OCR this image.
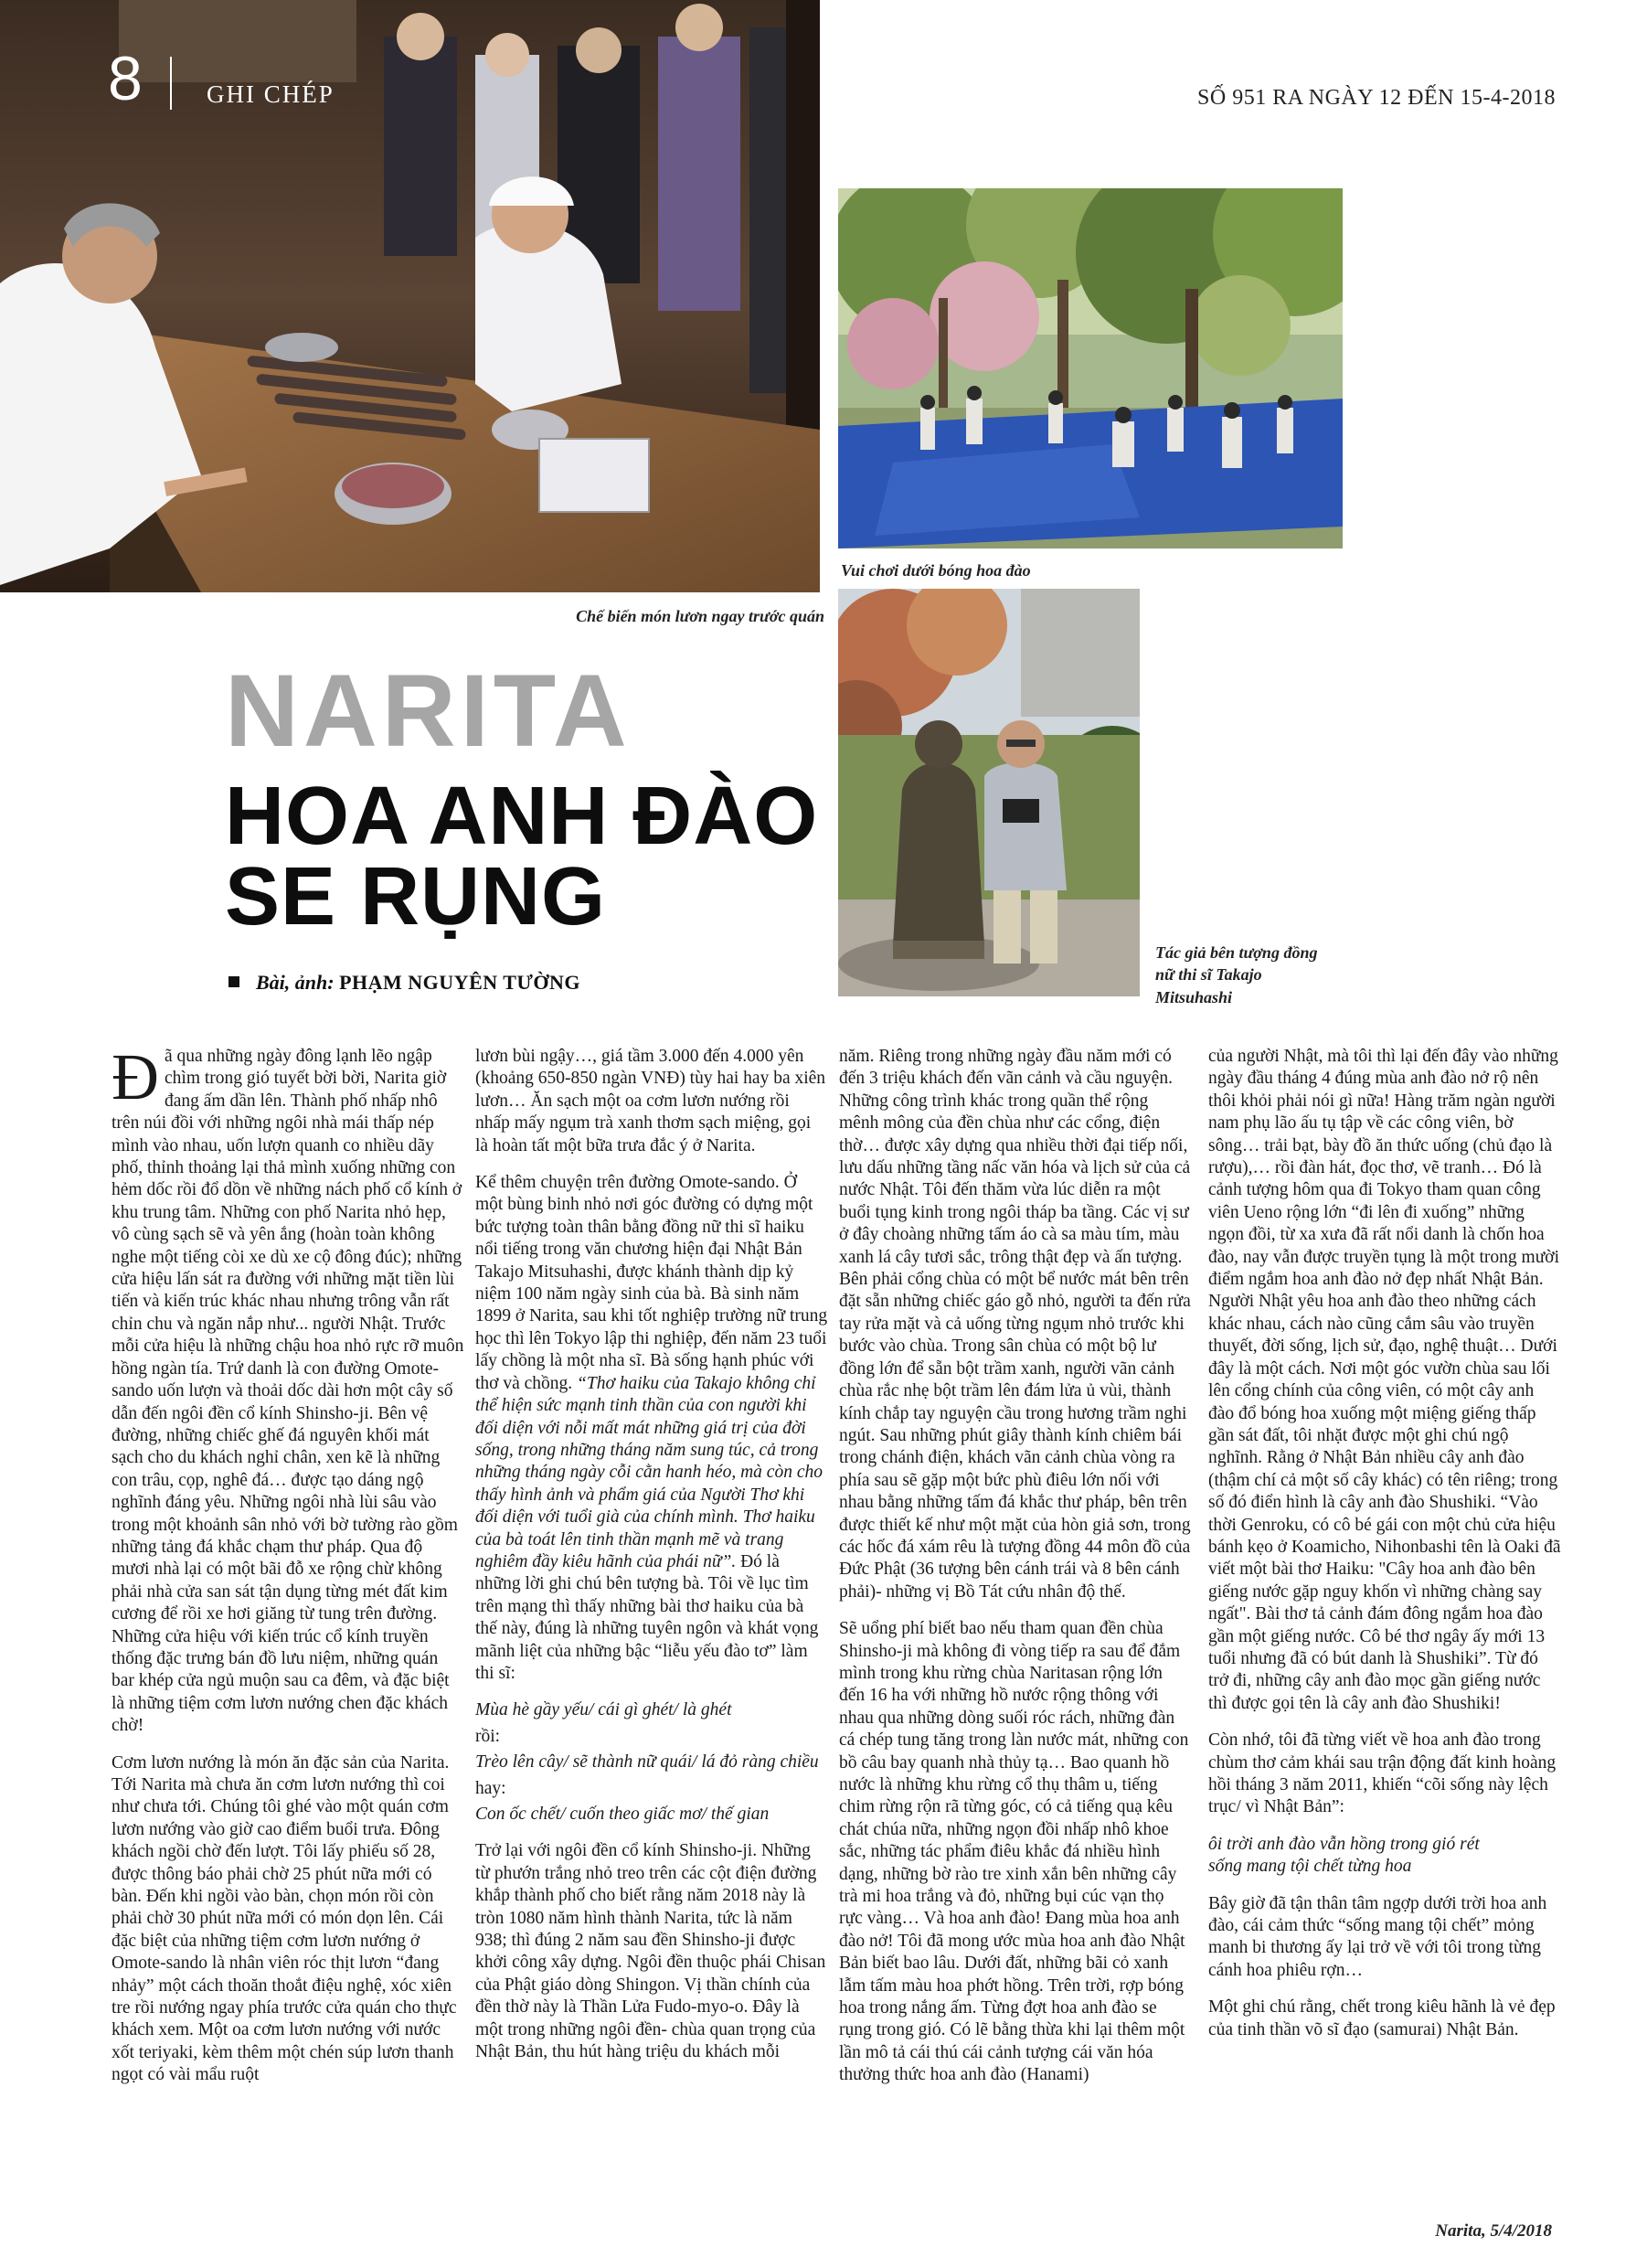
8	GHI CHÉP	SỐ 951 RA NGÀY 12 ĐẾN 15-4-2018
Chế biến món lươn ngay trước quán
Vui chơi dưới bóng hoa đào
Tác giả bên tượng đồng nữ thi sĩ Takajo Mitsuhashi
NARITA
HOA ANH ĐÀO
SE RỤNG
Bài, ảnh: PHẠM NGUYÊN TƯỜNG

Đã qua những ngày đông lạnh lẽo ngập chìm trong gió tuyết bời bời, Narita giờ đang ấm dần lên. Thành phố nhấp nhô trên núi đồi với những ngôi nhà mái thấp nép mình vào nhau, uốn lượn quanh co nhiều dãy phố, thỉnh thoảng lại thả mình xuống những con hẻm dốc rồi đổ dồn về những nách phố cổ kính ở khu trung tâm. Những con phố Narita nhỏ hẹp, vô cùng sạch sẽ và yên ắng (hoàn toàn không nghe một tiếng còi xe dù xe cộ đông đúc); những cửa hiệu lấn sát ra đường với những mặt tiền lùi tiến và kiến trúc khác nhau nhưng trông vẫn rất chỉn chu và ngăn nắp như... người Nhật. Trước mỗi cửa hiệu là những chậu hoa nhỏ rực rỡ muôn hồng ngàn tía. Trứ danh là con đường Omote-sando uốn lượn và thoải dốc dài hơn một cây số dẫn đến ngôi đền cổ kính Shinsho-ji. Bên vệ đường, những chiếc ghế đá nguyên khối mát sạch cho du khách nghỉ chân, xen kẽ là những con trâu, cọp, nghê đá… được tạo dáng ngộ nghĩnh đáng yêu. Những ngôi nhà lùi sâu vào trong một khoảnh sân nhỏ với bờ tường rào gồm những tảng đá khắc chạm thư pháp. Qua độ mươi nhà lại có một bãi đỗ xe rộng chừ không phải nhà cửa san sát tận dụng từng mét đất kim cương để rồi xe hơi giăng từ tung trên đường. Những cửa hiệu với kiến trúc cổ kính truyền thống đặc trưng bán đồ lưu niệm, những quán bar khép cửa ngủ muộn sau ca đêm, và đặc biệt là những tiệm cơm lươn nướng chen đặc khách chờ!

Cơm lươn nướng là món ăn đặc sản của Narita. Tới Narita mà chưa ăn cơm lươn nướng thì coi như chưa tới. Chúng tôi ghé vào một quán cơm lươn nướng vào giờ cao điểm buổi trưa. Đông khách ngồi chờ đến lượt. Tôi lấy phiếu số 28, được thông báo phải chờ 25 phút nữa mới có bàn. Đến khi ngồi vào bàn, chọn món rồi còn phải chờ 30 phút nữa mới có món dọn lên. Cái đặc biệt của những tiệm cơm lươn nướng ở Omote-sando là nhân viên róc thịt lươn “đang nhảy” một cách thoăn thoắt điệu nghệ, xóc xiên tre rồi nướng ngay phía trước cửa quán cho thực khách xem. Một oa cơm lươn nướng với nước xốt teriyaki, kèm thêm một chén súp lươn thanh ngọt có vài mẩu ruột

lươn bùi ngậy…, giá tầm 3.000 đến 4.000 yên (khoảng 650-850 ngàn VNĐ) tùy hai hay ba xiên lươn… Ăn sạch một oa cơm lươn nướng rồi nhấp mấy ngụm trà xanh thơm sạch miệng, gọi là hoàn tất một bữa trưa đắc ý ở Narita.

Kể thêm chuyện trên đường Omote-sando. Ở một bùng binh nhỏ nơi góc đường có dựng một bức tượng toàn thân bằng đồng nữ thi sĩ haiku nổi tiếng trong văn chương hiện đại Nhật Bản Takajo Mitsuhashi, được khánh thành dịp kỷ niệm 100 năm ngày sinh của bà. Bà sinh năm 1899 ở Narita, sau khi tốt nghiệp trường nữ trung học thì lên Tokyo lập thi nghiệp, đến năm 23 tuổi lấy chồng là một nha sĩ. Bà sống hạnh phúc với thơ và chồng. “Thơ haiku của Takajo không chỉ thể hiện sức mạnh tinh thần của con người khi đối diện với nỗi mất mát những giá trị của đời sống, trong những tháng năm sung túc, cả trong những tháng ngày cỗi cằn hanh héo, mà còn cho thấy hình ảnh và phẩm giá của Người Thơ khi đối diện với tuổi già của chính mình. Thơ haiku của bà toát lên tinh thần mạnh mẽ và trang nghiêm đầy kiêu hãnh của phái nữ”. Đó là những lời ghi chú bên tượng bà. Tôi về lục tìm trên mạng thì thấy những bài thơ haiku của bà thế này, đúng là những tuyên ngôn và khát vọng mãnh liệt của những bậc “liễu yếu đào tơ” làm thi sĩ:

Mùa hè gầy yếu/ cái gì ghét/ là ghét

rồi:

Trèo lên cây/ sẽ thành nữ quái/ lá đỏ ràng chiều

hay:

Con ốc chết/ cuốn theo giấc mơ/ thế gian

Trở lại với ngôi đền cổ kính Shinsho-ji. Những từ phướn trắng nhỏ treo trên các cột điện đường khắp thành phố cho biết rằng năm 2018 này là tròn 1080 năm hình thành Narita, tức là năm 938; thì đúng 2 năm sau đền Shinsho-ji được khởi công xây dựng. Ngôi đền thuộc phái Chisan của Phật giáo dòng Shingon. Vị thần chính của đền thờ này là Thần Lửa Fudo-myo-o. Đây là một trong những ngôi đền- chùa quan trọng của Nhật Bản, thu hút hàng triệu du khách mỗi

năm. Riêng trong những ngày đầu năm mới có đến 3 triệu khách đến vãn cảnh và cầu nguyện. Những công trình khác trong quần thể rộng mênh mông của đền chùa như các cổng, điện thờ… được xây dựng qua nhiều thời đại tiếp nối, lưu dấu những tầng nấc văn hóa và lịch sử của cả nước Nhật. Tôi đến thăm vừa lúc diễn ra một buổi tụng kinh trong ngôi tháp ba tầng. Các vị sư ở đây choàng những tấm áo cà sa màu tím, màu xanh lá cây tươi sắc, trông thật đẹp và ấn tượng. Bên phải cổng chùa có một bể nước mát bên trên đặt sẵn những chiếc gáo gỗ nhỏ, người ta đến rửa tay rửa mặt và cả uống từng ngụm nhỏ trước khi bước vào chùa. Trong sân chùa có một bộ lư đồng lớn để sẵn bột trầm xanh, người vãn cảnh chùa rắc nhẹ bột trầm lên đám lửa ủ vùi, thành kính chắp tay nguyện cầu trong hương trầm nghi ngút. Sau những phút giây thành kính chiêm bái trong chánh điện, khách vãn cảnh chùa vòng ra phía sau sẽ gặp một bức phù điêu lớn nối với nhau bằng những tấm đá khắc thư pháp, bên trên được thiết kế như một mặt của hòn giả sơn, trong các hốc đá xám rêu là tượng đồng 44 môn đồ của Đức Phật (36 tượng bên cánh trái và 8 bên cánh phải)- những vị Bồ Tát cứu nhân độ thế.

Sẽ uổng phí biết bao nếu tham quan đền chùa Shinsho-ji mà không đi vòng tiếp ra sau để đắm mình trong khu rừng chùa Naritasan rộng lớn đến 16 ha với những hồ nước rộng thông với nhau qua những dòng suối róc rách, những đàn cá chép tung tăng trong làn nước mát, những con bồ câu bay quanh nhà thủy tạ… Bao quanh hồ nước là những khu rừng cổ thụ thâm u, tiếng chim rừng rộn rã từng góc, có cả tiếng quạ kêu chát chúa nữa, những ngọn đồi nhấp nhô khoe sắc, những tác phẩm điêu khắc đá nhiều hình dạng, những bờ rào tre xinh xắn bên những cây trà mi hoa trắng và đỏ, những bụi cúc vạn thọ rực vàng… Và hoa anh đào! Đang mùa hoa anh đào nở! Tôi đã mong ước mùa hoa anh đào Nhật Bản biết bao lâu. Dưới đất, những bãi cỏ xanh lẫm tấm màu hoa phớt hồng. Trên trời, rợp bóng hoa trong nắng ấm. Từng đợt hoa anh đào se rụng trong gió. Có lẽ bằng thừa khi lại thêm một lần mô tả cái thú cái cảnh tượng cái văn hóa thưởng thức hoa anh đào (Hanami)

của người Nhật, mà tôi thì lại đến đây vào những ngày đầu tháng 4 đúng mùa anh đào nở rộ nên thôi khỏi phải nói gì nữa! Hàng trăm ngàn người nam phụ lão ấu tụ tập về các công viên, bờ sông… trải bạt, bày đồ ăn thức uống (chủ đạo là rượu),… rồi đàn hát, đọc thơ, vẽ tranh… Đó là cảnh tượng hôm qua đi Tokyo tham quan công viên Ueno rộng lớn “đi lên đi xuống” những ngọn đồi, từ xa xưa đã rất nổi danh là chốn hoa đào, nay vẫn được truyền tụng là một trong mười điểm ngắm hoa anh đào nở đẹp nhất Nhật Bản. Người Nhật yêu hoa anh đào theo những cách khác nhau, cách nào cũng cắm sâu vào truyền thuyết, đời sống, lịch sử, đạo, nghệ thuật… Dưới đây là một cách. Nơi một góc vườn chùa sau lối lên cổng chính của công viên, có một cây anh đào đổ bóng hoa xuống một miệng giếng thấp gần sát đất, tôi nhặt được một ghi chú ngộ nghĩnh. Rằng ở Nhật Bản nhiều cây anh đào (thậm chí cả một số cây khác) có tên riêng; trong số đó điển hình là cây anh đào Shushiki. “Vào thời Genroku, có cô bé gái con một chủ cửa hiệu bánh kẹo ở Koamicho, Nihonbashi tên là Oaki đã viết một bài thơ Haiku: "Cây hoa anh đào bên giếng nước gặp nguy khốn vì những chàng say ngất". Bài thơ tả cảnh đám đông ngắm hoa đào gần một giếng nước. Cô bé thơ ngây ấy mới 13 tuổi nhưng đã có bút danh là Shushiki”. Từ đó trở đi, những cây anh đào mọc gần giếng nước thì được gọi tên là cây anh đào Shushiki!

Còn nhớ, tôi đã từng viết về hoa anh đào trong chùm thơ cảm khái sau trận động đất kinh hoàng hồi tháng 3 năm 2011, khiến “cõi sống này lệch trục/ vì Nhật Bản”:

ôi trời anh đào vẫn hồng trong gió rét sống mang tội chết từng hoa

Bây giờ đã tận thân tâm ngợp dưới trời hoa anh đào, cái cảm thức “sống mang tội chết” mỏng manh bi thương ấy lại trở về với tôi trong từng cánh hoa phiêu rợn…

Một ghi chú rằng, chết trong kiêu hãnh là vẻ đẹp của tinh thần võ sĩ đạo (samurai) Nhật Bản.

Narita, 5/4/2018
